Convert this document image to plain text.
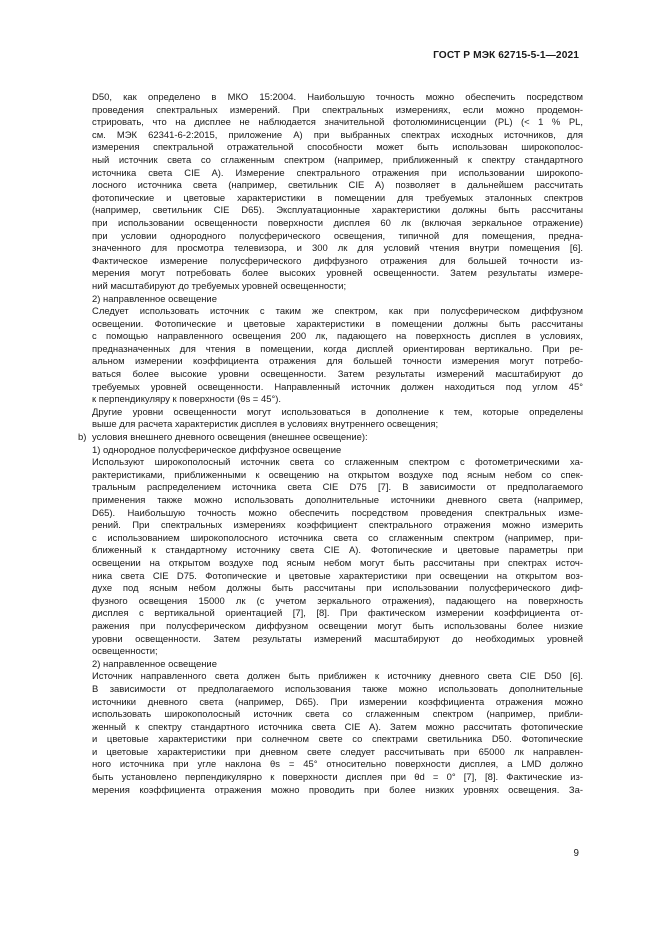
ГОСТ Р МЭК 62715-5-1—2021
D50, как определено в МКО 15:2004. Наибольшую точность можно обеспечить посредством
проведения спектральных измерений. При спектральных измерениях, если можно продемон-
стрировать, что на дисплее не наблюдается значительной фотолюминисценции (PL) (< 1 % PL,
см. МЭК 62341-6-2:2015, приложение А) при выбранных спектрах исходных источников, для
измерения спектральной отражательной способности может быть использован широкополос-
ный источник света со сглаженным спектром (например, приближенный к спектру стандартного
источника света CIE A). Измерение спектрального отражения при использовании широкопо-
лосного источника света (например, светильник CIE A) позволяет в дальнейшем рассчитать
фотопические и цветовые характеристики в помещении для требуемых эталонных спектров
(например, светильник CIE D65). Эксплуатационные характеристики должны быть рассчитаны
при использовании освещенности поверхности дисплея 60 лк (включая зеркальное отражение)
при условии однородного полусферического освещения, типичной для помещения, предна-
значенного для просмотра телевизора, и 300 лк для условий чтения внутри помещения [6].
Фактическое измерение полусферического диффузного отражения для большей точности из-
мерения могут потребовать более высоких уровней освещенности. Затем результаты измере-
ний масштабируют до требуемых уровней освещенности;
2) направленное освещение
Следует использовать источник с таким же спектром, как при полусферическом диффузном
освещении. Фотопические и цветовые характеристики в помещении должны быть рассчитаны
с помощью направленного освещения 200 лк, падающего на поверхность дисплея в условиях,
предназначенных для чтения в помещении, когда дисплей ориентирован вертикально. При ре-
альном измерении коэффициента отражения для большей точности измерения могут потребо-
ваться более высокие уровни освещенности. Затем результаты измерений масштабируют до
требуемых уровней освещенности. Направленный источник должен находиться под углом 45°
к перпендикуляру к поверхности (θs = 45°).
Другие уровни освещенности могут использоваться в дополнение к тем, которые определены
выше для расчета характеристик дисплея в условиях внутреннего освещения;
b) условия внешнего дневного освещения (внешнее освещение):
1) однородное полусферическое диффузное освещение
Используют широкополосный источник света со сглаженным спектром с фотометрическими ха-
рактеристиками, приближенными к освещению на открытом воздухе под ясным небом со спек-
тральным распределением источника света CIE D75 [7]. В зависимости от предполагаемого
применения также можно использовать дополнительные источники дневного света (например,
D65). Наибольшую точность можно обеспечить посредством проведения спектральных изме-
рений. При спектральных измерениях коэффициент спектрального отражения можно измерить
с использованием широкополосного источника света со сглаженным спектром (например, при-
ближенный к стандартному источнику света CIE A). Фотопические и цветовые параметры при
освещении на открытом воздухе под ясным небом могут быть рассчитаны при спектрах источ-
ника света CIE D75. Фотопические и цветовые характеристики при освещении на открытом воз-
духе под ясным небом должны быть рассчитаны при использовании полусферического диф-
фузного освещения 15000 лк (с учетом зеркального отражения), падающего на поверхность
дисплея с вертикальной ориентацией [7], [8]. При фактическом измерении коэффициента от-
ражения при полусферическом диффузном освещении могут быть использованы более низкие
уровни освещенности. Затем результаты измерений масштабируют до необходимых уровней
освещенности;
2) направленное освещение
Источник направленного света должен быть приближен к источнику дневного света CIE D50 [6].
В зависимости от предполагаемого использования также можно использовать дополнительные
источники дневного света (например, D65). При измерении коэффициента отражения можно
использовать широкополосный источник света со сглаженным спектром (например, прибли-
женный к спектру стандартного источника света CIE A). Затем можно рассчитать фотопические
и цветовые характеристики при солнечном свете со спектрами светильника D50. Фотопические
и цветовые характеристики при дневном свете следует рассчитывать при 65000 лк направлен-
ного источника при угле наклона θs = 45° относительно поверхности дисплея, а LMD должно
быть установлено перпендикулярно к поверхности дисплея при θd = 0° [7], [8]. Фактические из-
мерения коэффициента отражения можно проводить при более низких уровнях освещения. За-
9
